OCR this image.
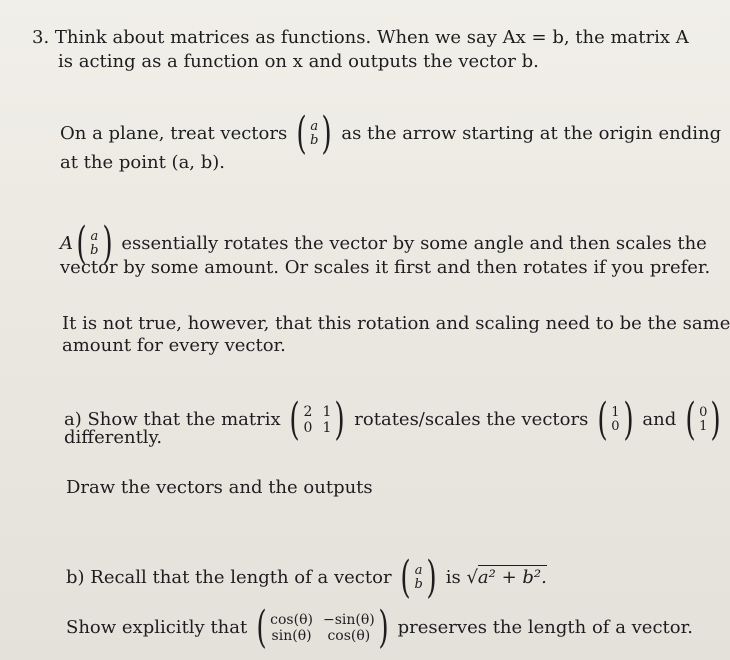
3. Think about matrices as functions. When we say Ax = b, the matrix A
is acting as a function on x and outputs the vector b.
On a plane, treat vectors ( a
b ) as the arrow starting at the origin ending
at the point (a, b).
A( a
b ) essentially rotates the vector by some angle and then scales the
vector by some amount. Or scales it first and then rotates if you prefer.
It is not true, however, that this rotation and scaling need to be the same
amount for every vector.
a) Show that the matrix ( 2 1
0 1 ) rotates/scales the vectors ( 1
0 ) and ( 0
1 )
differently.
Draw the vectors and the outputs
b) Recall that the length of a vector ( a
b ) is √a² + b².
Show explicitly that ( cos(θ) −sin(θ)
sin(θ)	cos(θ) ) preserves the length of a vector.
